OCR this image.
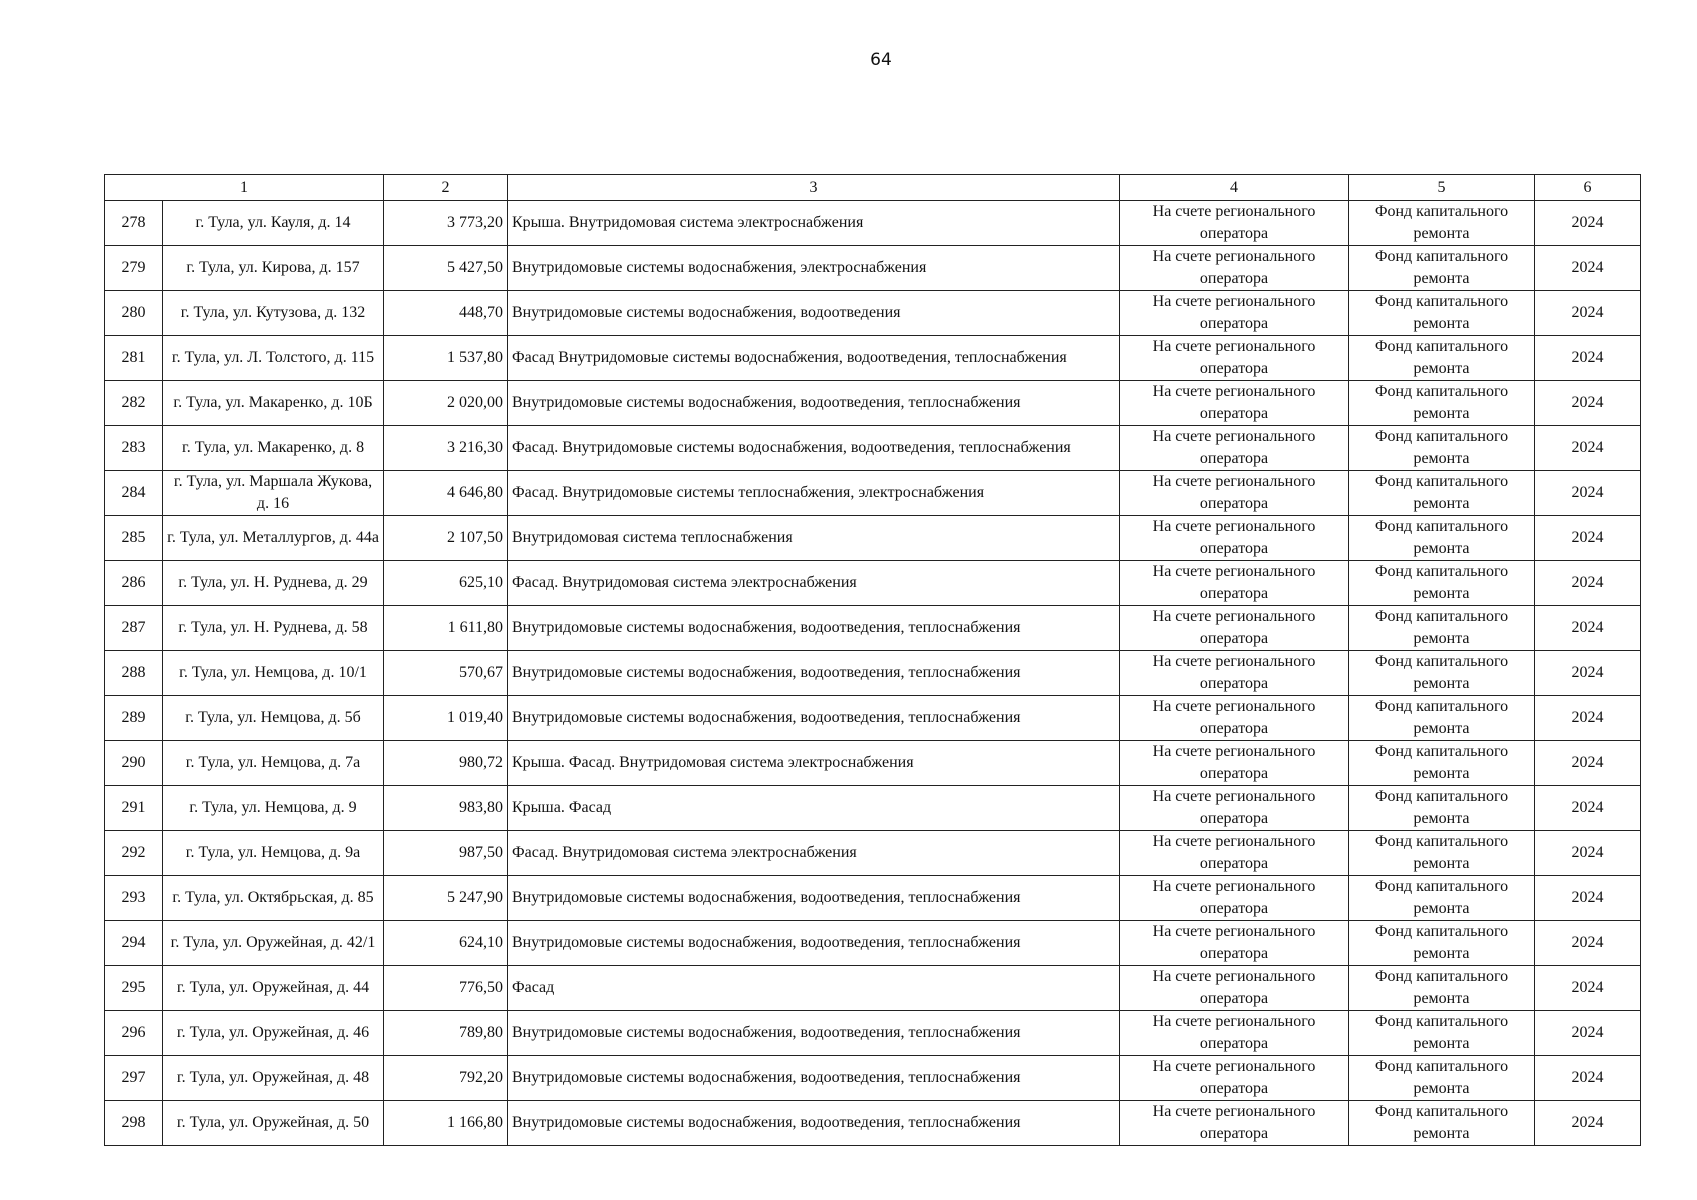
64
1		2	3	4	5	6
278	г. Тула, ул. Кауля, д. 14	3 773,20	Крыша. Внутридомовая система электроснабжения	На счете регионального оператора	Фонд капитального ремонта	2024
279	г. Тула, ул. Кирова, д. 157	5 427,50	Внутридомовые системы водоснабжения, электроснабжения	На счете регионального оператора	Фонд капитального ремонта	2024
280	г. Тула, ул. Кутузова, д. 132	448,70	Внутридомовые системы водоснабжения, водоотведения	На счете регионального оператора	Фонд капитального ремонта	2024
281	г. Тула, ул. Л. Толстого, д. 115	1 537,80	Фасад Внутридомовые системы водоснабжения, водоотведения, теплоснабжения	На счете регионального оператора	Фонд капитального ремонта	2024
282	г. Тула, ул. Макаренко, д. 10Б	2 020,00	Внутридомовые системы водоснабжения, водоотведения, теплоснабжения	На счете регионального оператора	Фонд капитального ремонта	2024
283	г. Тула, ул. Макаренко, д. 8	3 216,30	Фасад. Внутридомовые системы водоснабжения, водоотведения, теплоснабжения	На счете регионального оператора	Фонд капитального ремонта	2024
284	г. Тула, ул. Маршала Жукова, д. 16	4 646,80	Фасад. Внутридомовые системы теплоснабжения, электроснабжения	На счете регионального оператора	Фонд капитального ремонта	2024
285	г. Тула, ул. Металлургов, д. 44а	2 107,50	Внутридомовая система теплоснабжения	На счете регионального оператора	Фонд капитального ремонта	2024
286	г. Тула, ул. Н. Руднева, д. 29	625,10	Фасад. Внутридомовая система электроснабжения	На счете регионального оператора	Фонд капитального ремонта	2024
287	г. Тула, ул. Н. Руднева, д. 58	1 611,80	Внутридомовые системы водоснабжения, водоотведения, теплоснабжения	На счете регионального оператора	Фонд капитального ремонта	2024
288	г. Тула, ул. Немцова, д. 10/1	570,67	Внутридомовые системы водоснабжения, водоотведения, теплоснабжения	На счете регионального оператора	Фонд капитального ремонта	2024
289	г. Тула, ул. Немцова, д. 5б	1 019,40	Внутридомовые системы водоснабжения, водоотведения, теплоснабжения	На счете регионального оператора	Фонд капитального ремонта	2024
290	г. Тула, ул. Немцова, д. 7а	980,72	Крыша. Фасад. Внутридомовая система электроснабжения	На счете регионального оператора	Фонд капитального ремонта	2024
291	г. Тула, ул. Немцова, д. 9	983,80	Крыша. Фасад	На счете регионального оператора	Фонд капитального ремонта	2024
292	г. Тула, ул. Немцова, д. 9а	987,50	Фасад. Внутридомовая система электроснабжения	На счете регионального оператора	Фонд капитального ремонта	2024
293	г. Тула, ул. Октябрьская, д. 85	5 247,90	Внутридомовые системы водоснабжения, водоотведения, теплоснабжения	На счете регионального оператора	Фонд капитального ремонта	2024
294	г. Тула, ул. Оружейная, д. 42/1	624,10	Внутридомовые системы водоснабжения, водоотведения, теплоснабжения	На счете регионального оператора	Фонд капитального ремонта	2024
295	г. Тула, ул. Оружейная, д. 44	776,50	Фасад	На счете регионального оператора	Фонд капитального ремонта	2024
296	г. Тула, ул. Оружейная, д. 46	789,80	Внутридомовые системы водоснабжения, водоотведения, теплоснабжения	На счете регионального оператора	Фонд капитального ремонта	2024
297	г. Тула, ул. Оружейная, д. 48	792,20	Внутридомовые системы водоснабжения, водоотведения, теплоснабжения	На счете регионального оператора	Фонд капитального ремонта	2024
298	г. Тула, ул. Оружейная, д. 50	1 166,80	Внутридомовые системы водоснабжения, водоотведения, теплоснабжения	На счете регионального оператора	Фонд капитального ремонта	2024
